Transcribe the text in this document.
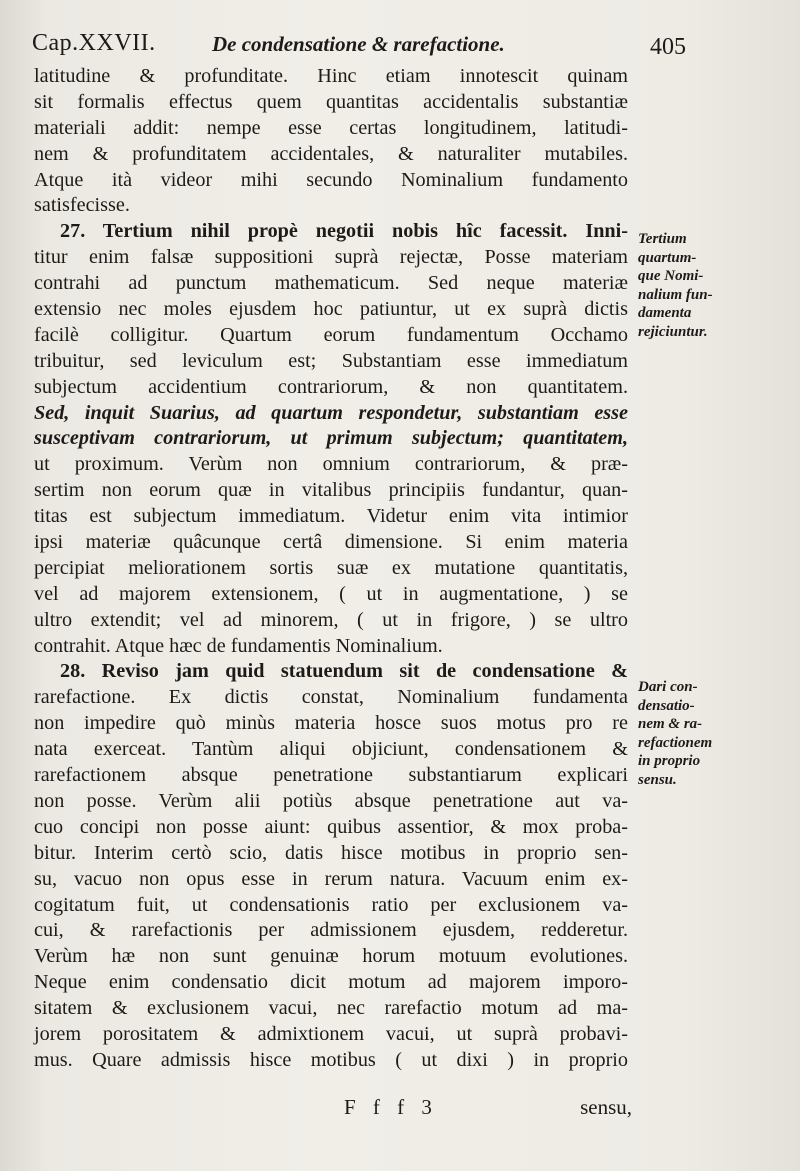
Cap.XXVII.	De condensatione & rarefactione.	405
latitudine & profunditate. Hinc etiam innotescit quinam
sit formalis effectus quem quantitas accidentalis substantiæ
materiali addit: nempe esse certas longitudinem, latitudi-
nem & profunditatem accidentales, & naturaliter mutabiles.
Atque ità videor mihi secundo Nominalium fundamento
satisfecisse.
27. Tertium nihil propè negotii nobis hîc facessit. Inni-
titur enim falsæ suppositioni suprà rejectæ, Posse materiam
contrahi ad punctum mathematicum. Sed neque materiæ
extensio nec moles ejusdem hoc patiuntur, ut ex suprà dictis
facilè colligitur. Quartum eorum fundamentum Occhamo
tribuitur, sed leviculum est; Substantiam esse immediatum
subjectum accidentium contrariorum, & non quantitatem.
Sed, inquit Suarius, ad quartum respondetur, substantiam esse
susceptivam contrariorum, ut primum subjectum; quantitatem,
ut proximum. Verùm non omnium contrariorum, & præ-
sertim non eorum quæ in vitalibus principiis fundantur, quan-
titas est subjectum immediatum. Videtur enim vita intimior
ipsi materiæ quâcunque certâ dimensione. Si enim materia
percipiat meliorationem sortis suæ ex mutatione quantitatis,
vel ad majorem extensionem, ( ut in augmentatione, ) se
ultro extendit; vel ad minorem, ( ut in frigore, ) se ultro
contrahit. Atque hæc de fundamentis Nominalium.
28. Reviso jam quid statuendum sit de condensatione &
rarefactione. Ex dictis constat, Nominalium fundamenta
non impedire quò minùs materia hosce suos motus pro re
nata exerceat. Tantùm aliqui objiciunt, condensationem &
rarefactionem absque penetratione substantiarum explicari
non posse. Verùm alii potiùs absque penetratione aut va-
cuo concipi non posse aiunt: quibus assentior, & mox proba-
bitur. Interim certò scio, datis hisce motibus in proprio sen-
su, vacuo non opus esse in rerum natura. Vacuum enim ex-
cogitatum fuit, ut condensationis ratio per exclusionem va-
cui, & rarefactionis per admissionem ejusdem, redderetur.
Verùm hæ non sunt genuinæ horum motuum evolutiones.
Neque enim condensatio dicit motum ad majorem imporo-
sitatem & exclusionem vacui, nec rarefactio motum ad ma-
jorem porositatem & admixtionem vacui, ut suprà probavi-
mus. Quare admissis hisce motibus ( ut dixi ) in proprio
Tertium
quartum-
que Nomi-
nalium fun-
damenta
rejiciuntur.
Dari con-
densatio-
nem & ra-
refactionem
in proprio
sensu.
F f f 3	sensu,
